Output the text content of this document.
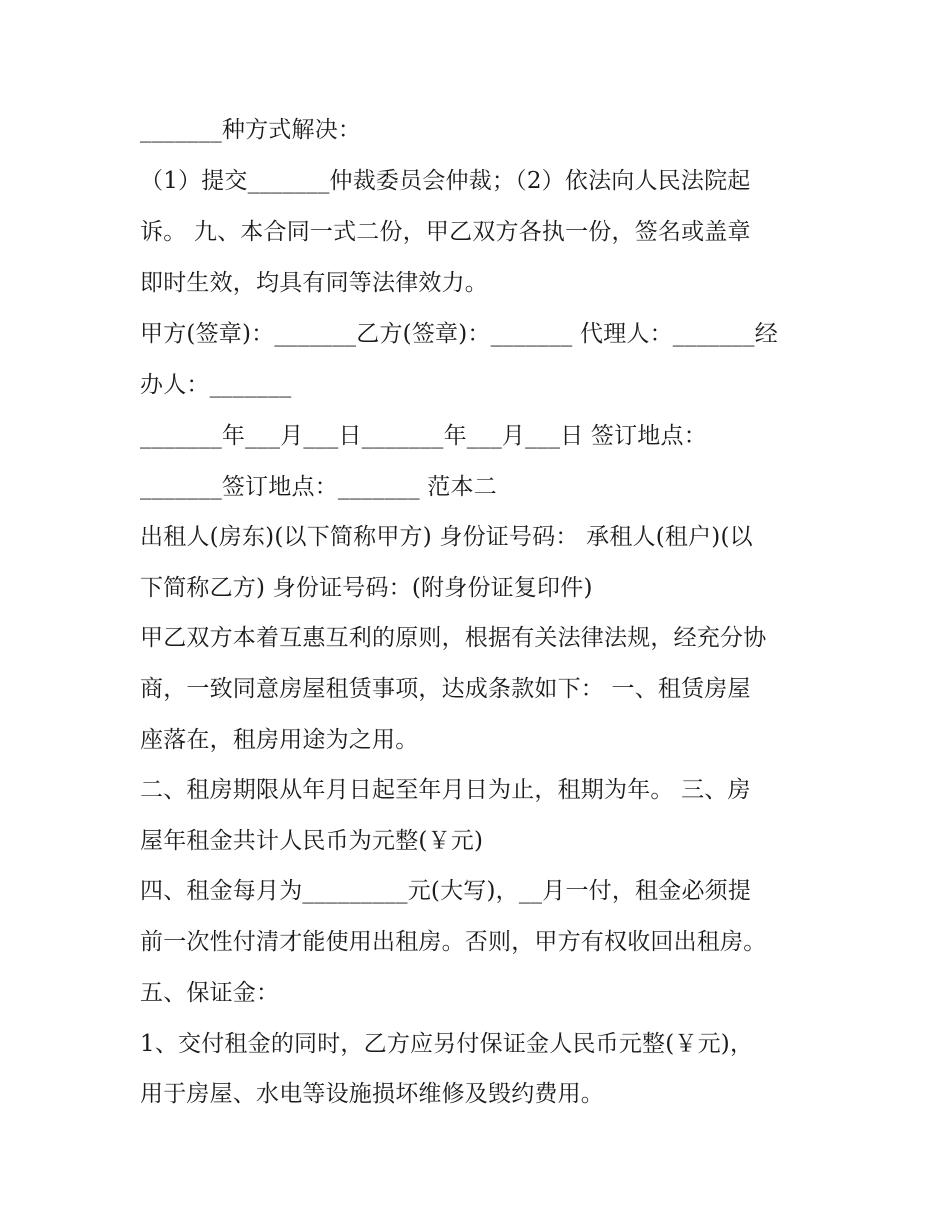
_______种方式解决：
（1）提交_______仲裁委员会仲裁；（2）依法向人民法院起
诉。 九、本合同一式二份，甲乙双方各执一份，签名或盖章
即时生效，均具有同等法律效力。
甲方(签章)：_______乙方(签章)：_______ 代理人：_______经
办人：_______
_______年___月___日_______年___月___日 签订地点：
_______签订地点：_______ 范本二
出租人(房东)(以下简称甲方) 身份证号码： 承租人(租户)(以
下简称乙方) 身份证号码：(附身份证复印件)
甲乙双方本着互惠互利的原则，根据有关法律法规，经充分协
商，一致同意房屋租赁事项，达成条款如下： 一、租赁房屋
座落在，租房用途为之用。
二、租房期限从年月日起至年月日为止，租期为年。 三、房
屋年租金共计人民币为元整(￥元)
四、租金每月为_________元(大写)，__月一付，租金必须提
前一次性付清才能使用出租房。否则，甲方有权收回出租房。
五、保证金：
1、交付租金的同时，乙方应另付保证金人民币元整(￥元)，
用于房屋、水电等设施损坏维修及毁约费用。
